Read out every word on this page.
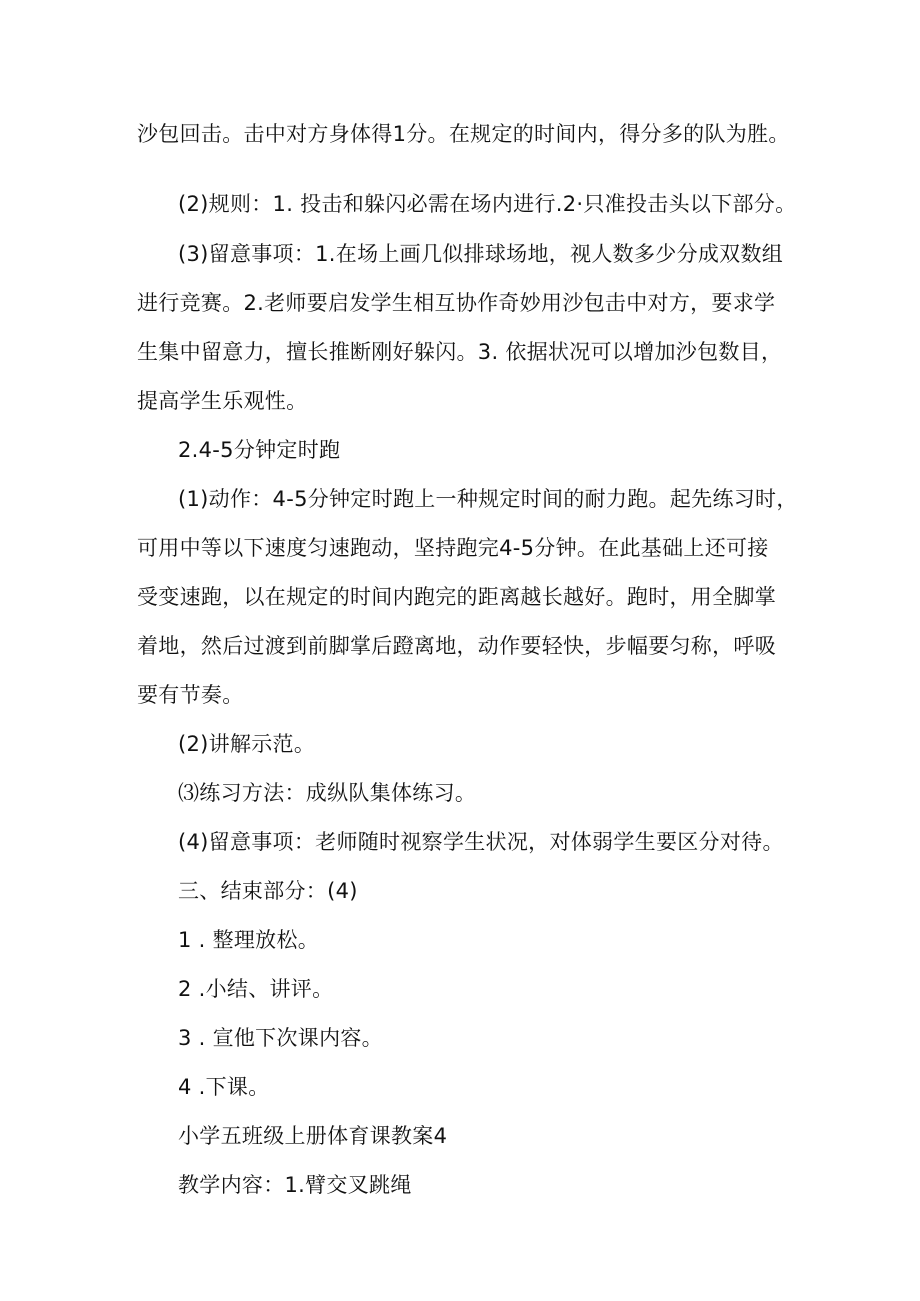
沙包回击。击中对方身体得1分。在规定的时间内，得分多的队为胜。
(2)规则：1. 投击和躲闪必需在场内进行.2·只准投击头以下部分。
(3)留意事项：1.在场上画几似排球场地，视人数多少分成双数组
进行竞赛。2.老师要启发学生相互协作奇妙用沙包击中对方，要求学
生集中留意力，擅长推断刚好躲闪。3. 依据状况可以增加沙包数目，
提高学生乐观性。
2.4-5分钟定时跑
(1)动作：4-5分钟定时跑上一种规定时间的耐力跑。起先练习时，
可用中等以下速度匀速跑动，坚持跑完4-5分钟。在此基础上还可接
受变速跑，以在规定的时间内跑完的距离越长越好。跑时，用全脚掌
着地，然后过渡到前脚掌后蹬离地，动作要轻快，步幅要匀称，呼吸
要有节奏。
(2)讲解示范。
⑶练习方法：成纵队集体练习。
(4)留意事项：老师随时视察学生状况，对体弱学生要区分对待。
三、结束部分：(4)
1 . 整理放松。
2 .小结、讲评。
3 . 宣他下次课内容。
4 .下课。
小学五班级上册体育课教案4
教学内容：1.臂交叉跳绳
